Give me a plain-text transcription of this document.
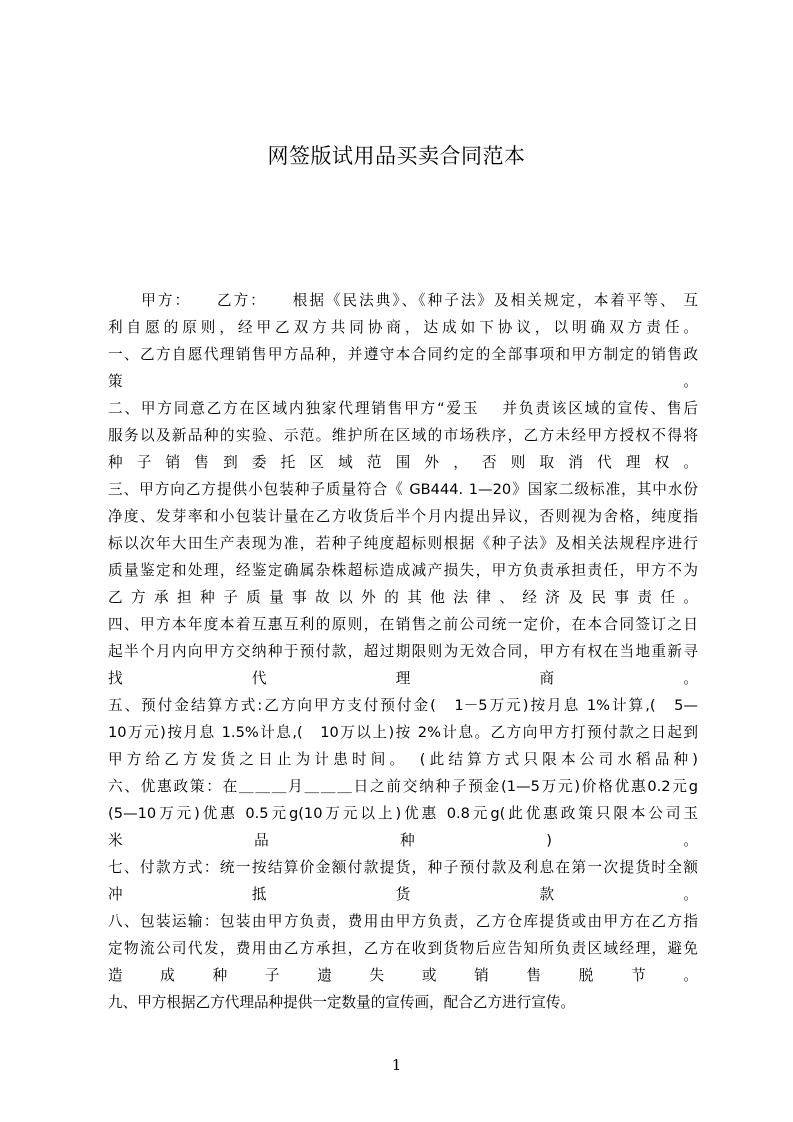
网签版试用品买卖合同范本
　　甲方：　　乙方：　　根据《民法典》、《种子法》及相关规定，本着平等、 互
利自愿的原则，经甲乙双方共同协商，达成如下协议，以明确双方责任。
一、乙方自愿代理销售甲方品种，并遵守本合同约定的全部事项和甲方制定的销售政
策　。
二、甲方同意乙方在区域内独家代理销售甲方“爱玉　 并负责该区域的宣传、售后
服务以及新品种的实验、示范。维护所在区域的市场秩序，乙方未经甲方授权不得将
种子销售到委托区域范围外，否则取消代理权。
三、甲方向乙方提供小包装种子质量符合《 GB444. 1—20》国家二级标准，其中水份
净度、发芽率和小包装计量在乙方收货后半个月内提出异议，否则视为舍格，纯度指
标以次年大田生产表现为准，若种子纯度超标则根据《种子法》及相关法规程序进行
质量鉴定和处理，经鉴定确属杂株超标造成减产损失，甲方负责承担责任，甲方不为
乙方承担种子质量事故以外的其他法律、经济及民事责任。
四、甲方本年度本着互惠互利的原则，在销售之前公司统一定价，在本合同签订之日
起半个月内向甲方交纳种于预付款，超过期限则为无效合同，甲方有权在当地重新寻
找　代　理　商　。
五、预付金结算方式:乙方向甲方支付预付金(　1－5万元)按月息 1%计算,(　5—
10万元)按月息 1.5%计息,(　10万以上)按 2%计息。乙方向甲方打预付款之日起到
甲方给乙方发货之日止为计患时间。　(此结算方式只限本公司水稻品种)
六、优惠政策：在＿＿＿月＿＿＿日之前交纳种子预金(1—5万元)价格优惠0.2元g
(5—10万元)优惠 0.5元g(10万元以上)优惠 0.8元g(此优惠政策只限本公司玉
米　品　种　)　。
七、付款方式：统一按结算价金额付款提货，种子预付款及利息在第一次提货时全额
冲　抵　货　款　。
八、包装运输：包装由甲方负责，费用由甲方负责，乙方仓库提货或由甲方在乙方指
定物流公司代发，费用由乙方承担，乙方在收到货物后应告知所负责区域经理，避免
造　成　种　子　遗　失　或　销　售　脱　节　。
九、甲方根据乙方代理品种提供一定数量的宣传画，配合乙方进行宣传。
1
